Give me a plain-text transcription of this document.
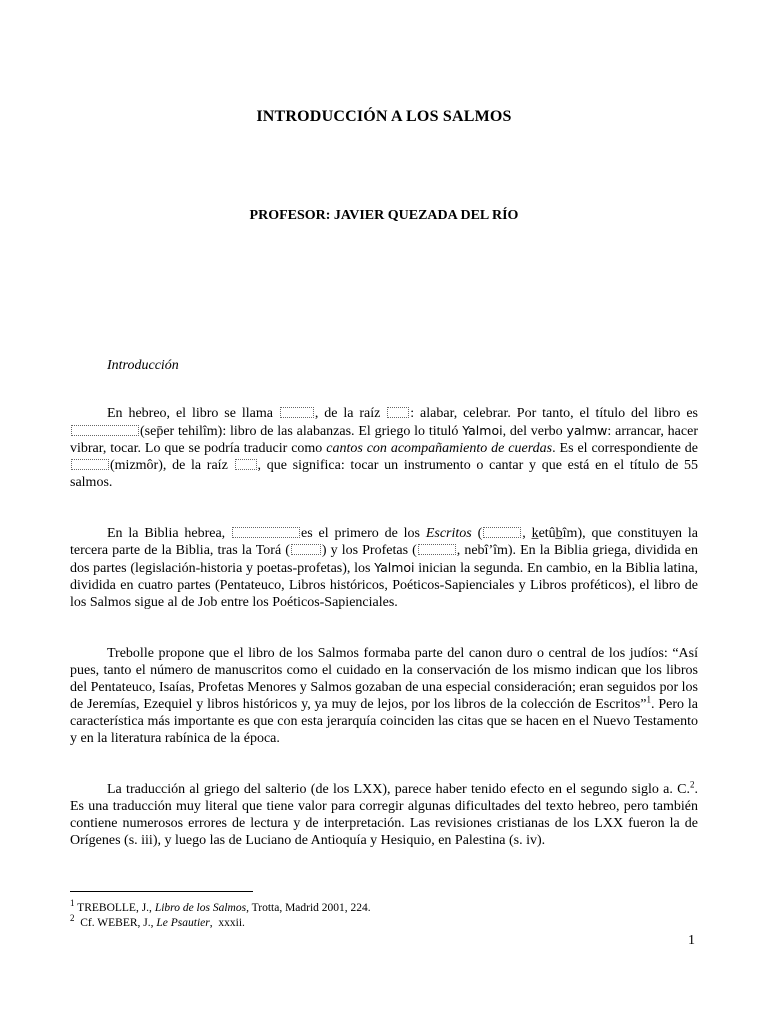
INTRODUCCIÓN A LOS SALMOS
PROFESOR: JAVIER QUEZADA DEL RÍO
Introducción

En hebreo, el libro se llama	, de la raíz : alabar, celebrar. Por tanto, el título del libro es (sep̄er tehilîm): libro de las alabanzas. El griego lo tituló Yalmoi, del verbo yalmw: arrancar, hacer vibrar, tocar. Lo que se podría traducir como cantos con acompañamiento de cuerdas. Es el correspondiente de (mizmôr), de la raíz , que significa: tocar un instrumento o cantar y que está en el título de 55 salmos.

En la Biblia hebrea,	es el primero de los Escritos (	, k̲etûb̲îm), que constituyen la tercera parte de la Biblia, tras la Torá ( ) y los Profetas (	, nebî’îm). En la Biblia griega, dividida en dos partes (legislación-historia y poetas-profetas), los Yalmoi inician la segunda. En cambio, en la Biblia latina, dividida en cuatro partes (Pentateuco, Libros históricos, Poéticos-Sapienciales y Libros proféticos), el libro de los Salmos sigue al de Job entre los Poéticos-Sapienciales.

Trebolle propone que el libro de los Salmos formaba parte del canon duro o central de los judíos: “Así pues, tanto el número de manuscritos como el cuidado en la conservación de los mismo indican que los libros del Pentateuco, Isaías, Profetas Menores y Salmos gozaban de una especial consideración; eran seguidos por los de Jeremías, Ezequiel y libros históricos y, ya muy de lejos, por los libros de la colección de Escritos”$^1$. Pero la característica más importante es que con esta jerarquía coinciden las citas que se hacen en el Nuevo Testamento y en la literatura rabínica de la época.

La traducción al griego del salterio (de los LXX), parece haber tenido efecto en el segundo siglo a. C.$^2$. Es una traducción muy literal que tiene valor para corregir algunas dificultades del texto hebreo, pero también contiene numerosos errores de lectura y de interpretación. Las revisiones cristianas de los LXX fueron la de Orígenes (s. iii), y luego las de Luciano de Antioquía y Hesiquio, en Palestina (s. iv).

$^1$ TREBOLLE, J., Libro de los Salmos, Trotta, Madrid 2001, 224.
$^2$  Cf. WEBER, J., Le Psautier,  xxxii.
1
